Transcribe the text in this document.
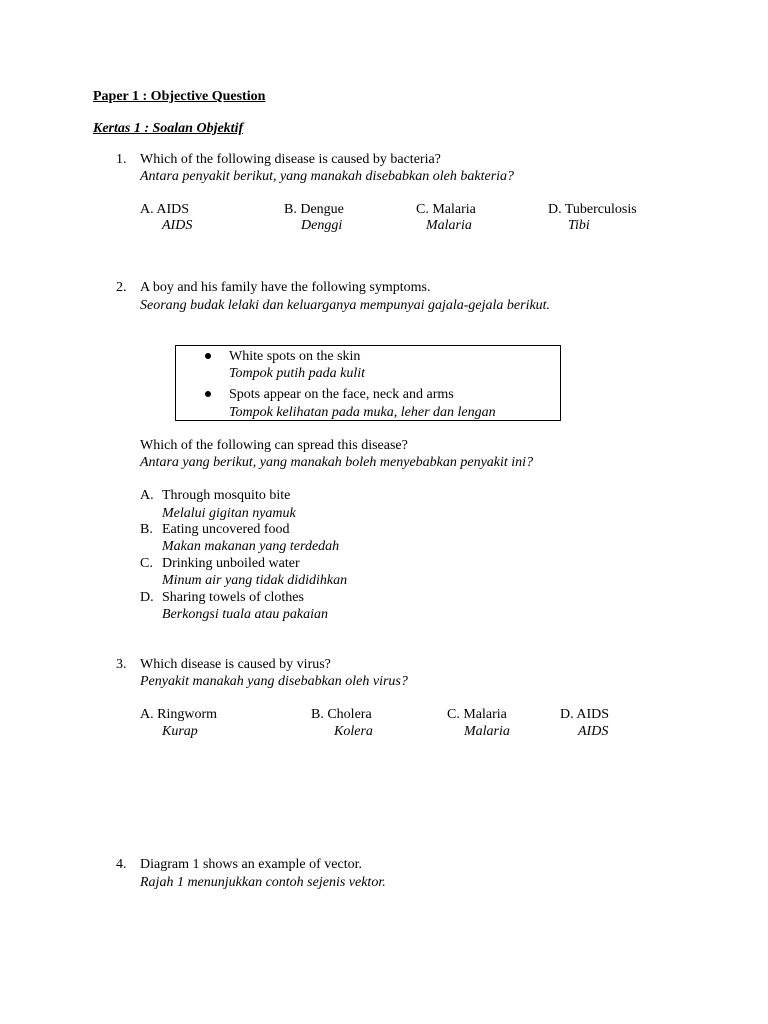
Paper 1 : Objective Question
Kertas 1 : Soalan Objektif
1. Which of the following disease is caused by bacteria?
Antara penyakit berikut, yang manakah disebabkan oleh bakteria?
A. AIDS
AIDS
B. Dengue
Denggi
C. Malaria
Malaria
D. Tuberculosis
Tibi
2. A boy and his family have the following symptoms.
Seorang budak lelaki dan keluarganya mempunyai gajala-gejala berikut.
White spots on the skin
Tompok putih pada kulit
Spots appear on the face, neck and arms
Tompok kelihatan pada muka, leher dan lengan
Which of the following can spread this disease?
Antara yang berikut, yang manakah boleh menyebabkan penyakit ini?
A. Through mosquito bite
Melalui gigitan nyamuk
B. Eating uncovered food
Makan makanan yang terdedah
C. Drinking unboiled water
Minum air yang tidak dididihkan
D. Sharing towels of clothes
Berkongsi tuala atau pakaian
3. Which disease is caused by virus?
Penyakit manakah yang disebabkan oleh virus?
A. Ringworm
Kurap
B. Cholera
Kolera
C. Malaria
Malaria
D. AIDS
AIDS
4. Diagram 1 shows an example of vector.
Rajah 1 menunjukkan contoh sejenis vektor.
